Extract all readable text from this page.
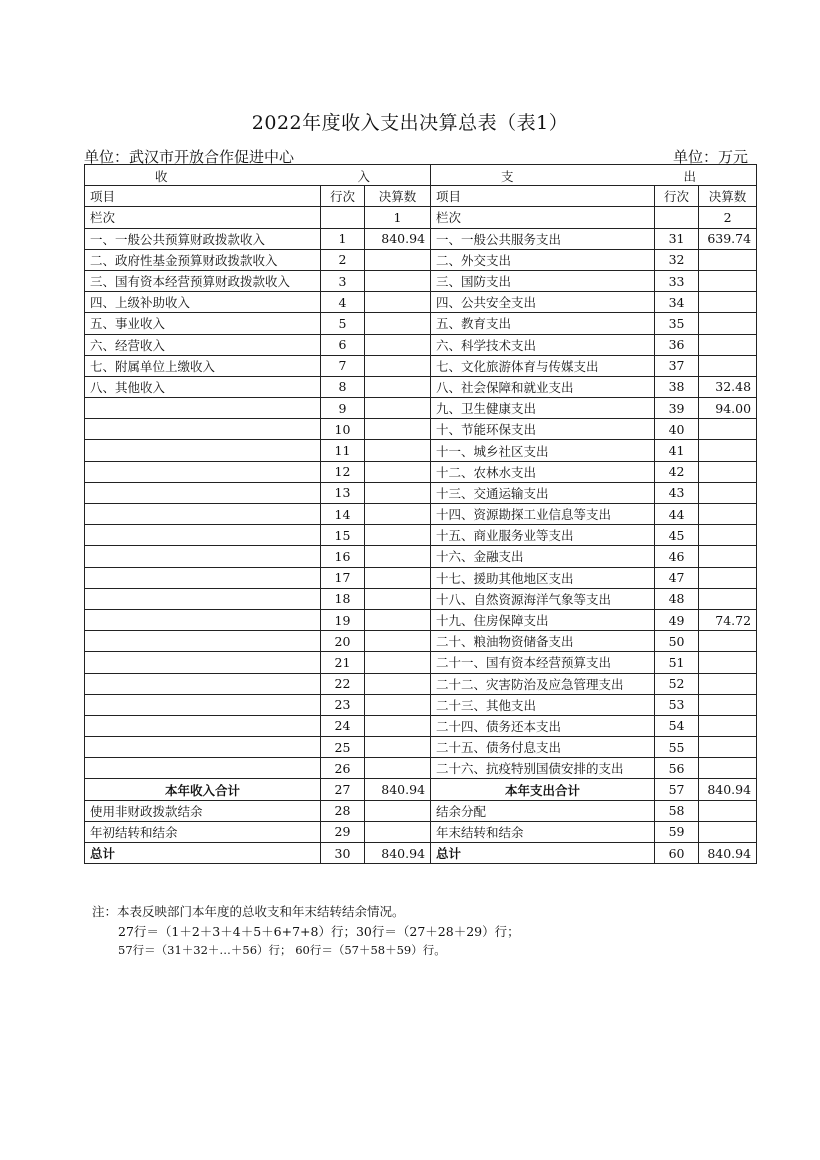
2022年度收入支出决算总表（表1）
单位：武汉市开放合作促进中心	单位：万元
收 入			支 出		

项目	行次	决算数	项目	行次	决算数
栏次		1	栏次		2
一、一般公共预算财政拨款收入	1	840.94	一、一般公共服务支出	31	639.74
二、政府性基金预算财政拨款收入	2		二、外交支出	32	
三、国有资本经营预算财政拨款收入	3		三、国防支出	33	
四、上级补助收入	4		四、公共安全支出	34	
五、事业收入	5		五、教育支出	35	
六、经营收入	6		六、科学技术支出	36	
七、附属单位上缴收入	7		七、文化旅游体育与传媒支出	37	
八、其他收入	8		八、社会保障和就业支出	38	32.48
	9		九、卫生健康支出	39	94.00
	10		十、节能环保支出	40	
	11		十一、城乡社区支出	41	
	12		十二、农林水支出	42	
	13		十三、交通运输支出	43	
	14		十四、资源勘探工业信息等支出	44	
	15		十五、商业服务业等支出	45	
	16		十六、金融支出	46	
	17		十七、援助其他地区支出	47	
	18		十八、自然资源海洋气象等支出	48	
	19		十九、住房保障支出	49	74.72
	20		二十、粮油物资储备支出	50	
	21		二十一、国有资本经营预算支出	51	
	22		二十二、灾害防治及应急管理支出	52	
	23		二十三、其他支出	53	
	24		二十四、债务还本支出	54	
	25		二十五、债务付息支出	55	
	26		二十六、抗疫特别国债安排的支出	56	
本年收入合计	27	840.94	本年支出合计	57	840.94
使用非财政拨款结余	28		结余分配	58	
年初结转和结余	29		年末结转和结余	59	
总计	30	840.94	总计	60	840.94
注：本表反映部门本年度的总收支和年末结转结余情况。
27行＝（1＋2＋3＋4＋5＋6+7+8）行；30行＝（27＋28＋29）行；
57行＝（31＋32＋…＋56）行； 60行＝（57＋58＋59）行。
